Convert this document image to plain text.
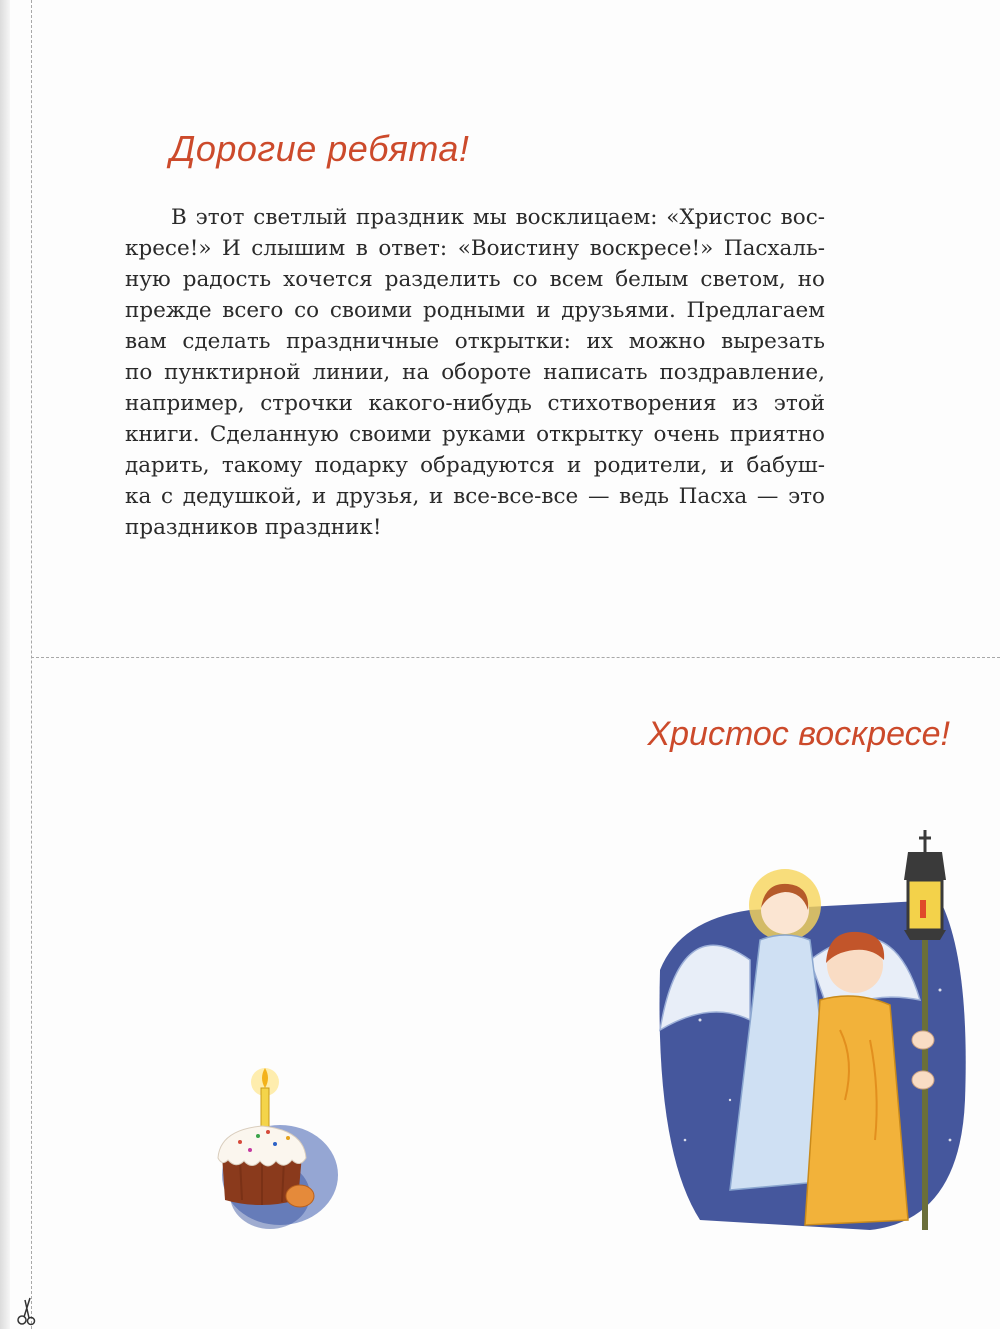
Дорогие ребята!
В этот светлый праздник мы восклицаем: «Христос вос-
кресе!» И слышим в ответ: «Воистину воскресе!» Пасхаль-
ную радость хочется разделить со всем белым светом, но
прежде всего со своими родными и друзьями. Предлагаем
вам сделать праздничные открытки: их можно вырезать
по пунктирной линии, на обороте написать поздравление,
например, строчки какого-нибудь стихотворения из этой
книги. Сделанную своими руками открытку очень приятно
дарить, такому подарку обрадуются и родители, и бабуш-
ка с дедушкой, и друзья, и все-все-все — ведь Пасха — это
праздников праздник!
Христос воскресе!
